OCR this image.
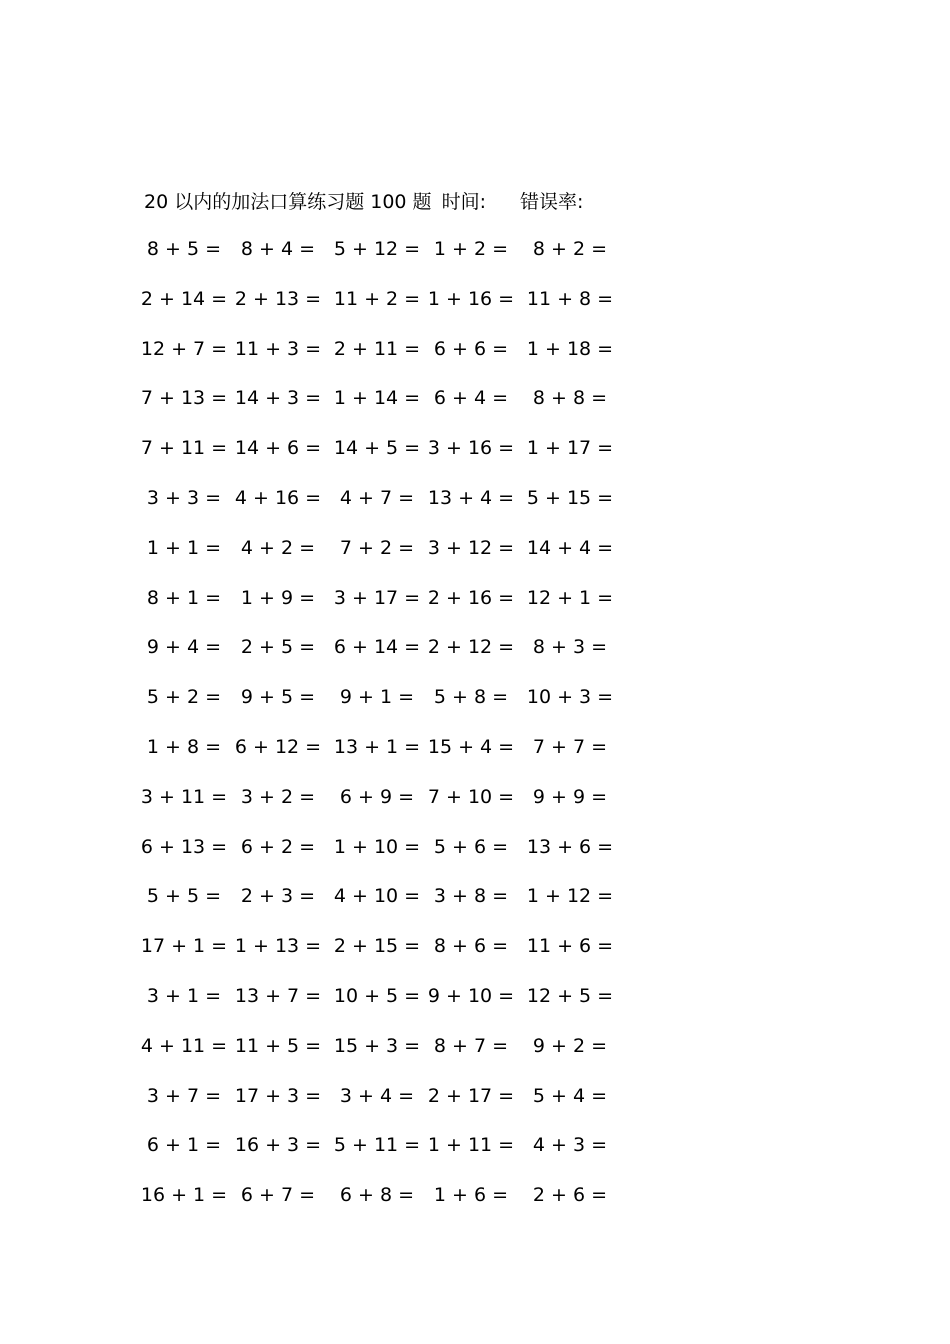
20 以内的加法口算练习题 100 题 时间: 错误率:
8 + 5 = 8 + 4 = 5 + 12 = 1 + 2 = 8 + 2 =
2 + 14 = 2 + 13 = 11 + 2 = 1 + 16 = 11 + 8 =
12 + 7 = 11 + 3 = 2 + 11 = 6 + 6 = 1 + 18 =
7 + 13 = 14 + 3 = 1 + 14 = 6 + 4 = 8 + 8 =
7 + 11 = 14 + 6 = 14 + 5 = 3 + 16 = 1 + 17 =
3 + 3 = 4 + 16 = 4 + 7 = 13 + 4 = 5 + 15 =
1 + 1 = 4 + 2 = 7 + 2 = 3 + 12 = 14 + 4 =
8 + 1 = 1 + 9 = 3 + 17 = 2 + 16 = 12 + 1 =
9 + 4 = 2 + 5 = 6 + 14 = 2 + 12 = 8 + 3 =
5 + 2 = 9 + 5 = 9 + 1 = 5 + 8 = 10 + 3 =
1 + 8 = 6 + 12 = 13 + 1 = 15 + 4 = 7 + 7 =
3 + 11 = 3 + 2 = 6 + 9 = 7 + 10 = 9 + 9 =
6 + 13 = 6 + 2 = 1 + 10 = 5 + 6 = 13 + 6 =
5 + 5 = 2 + 3 = 4 + 10 = 3 + 8 = 1 + 12 =
17 + 1 = 1 + 13 = 2 + 15 = 8 + 6 = 11 + 6 =
3 + 1 = 13 + 7 = 10 + 5 = 9 + 10 = 12 + 5 =
4 + 11 = 11 + 5 = 15 + 3 = 8 + 7 = 9 + 2 =
3 + 7 = 17 + 3 = 3 + 4 = 2 + 17 = 5 + 4 =
6 + 1 = 16 + 3 = 5 + 11 = 1 + 11 = 4 + 3 =
16 + 1 = 6 + 7 = 6 + 8 = 1 + 6 = 2 + 6 =
